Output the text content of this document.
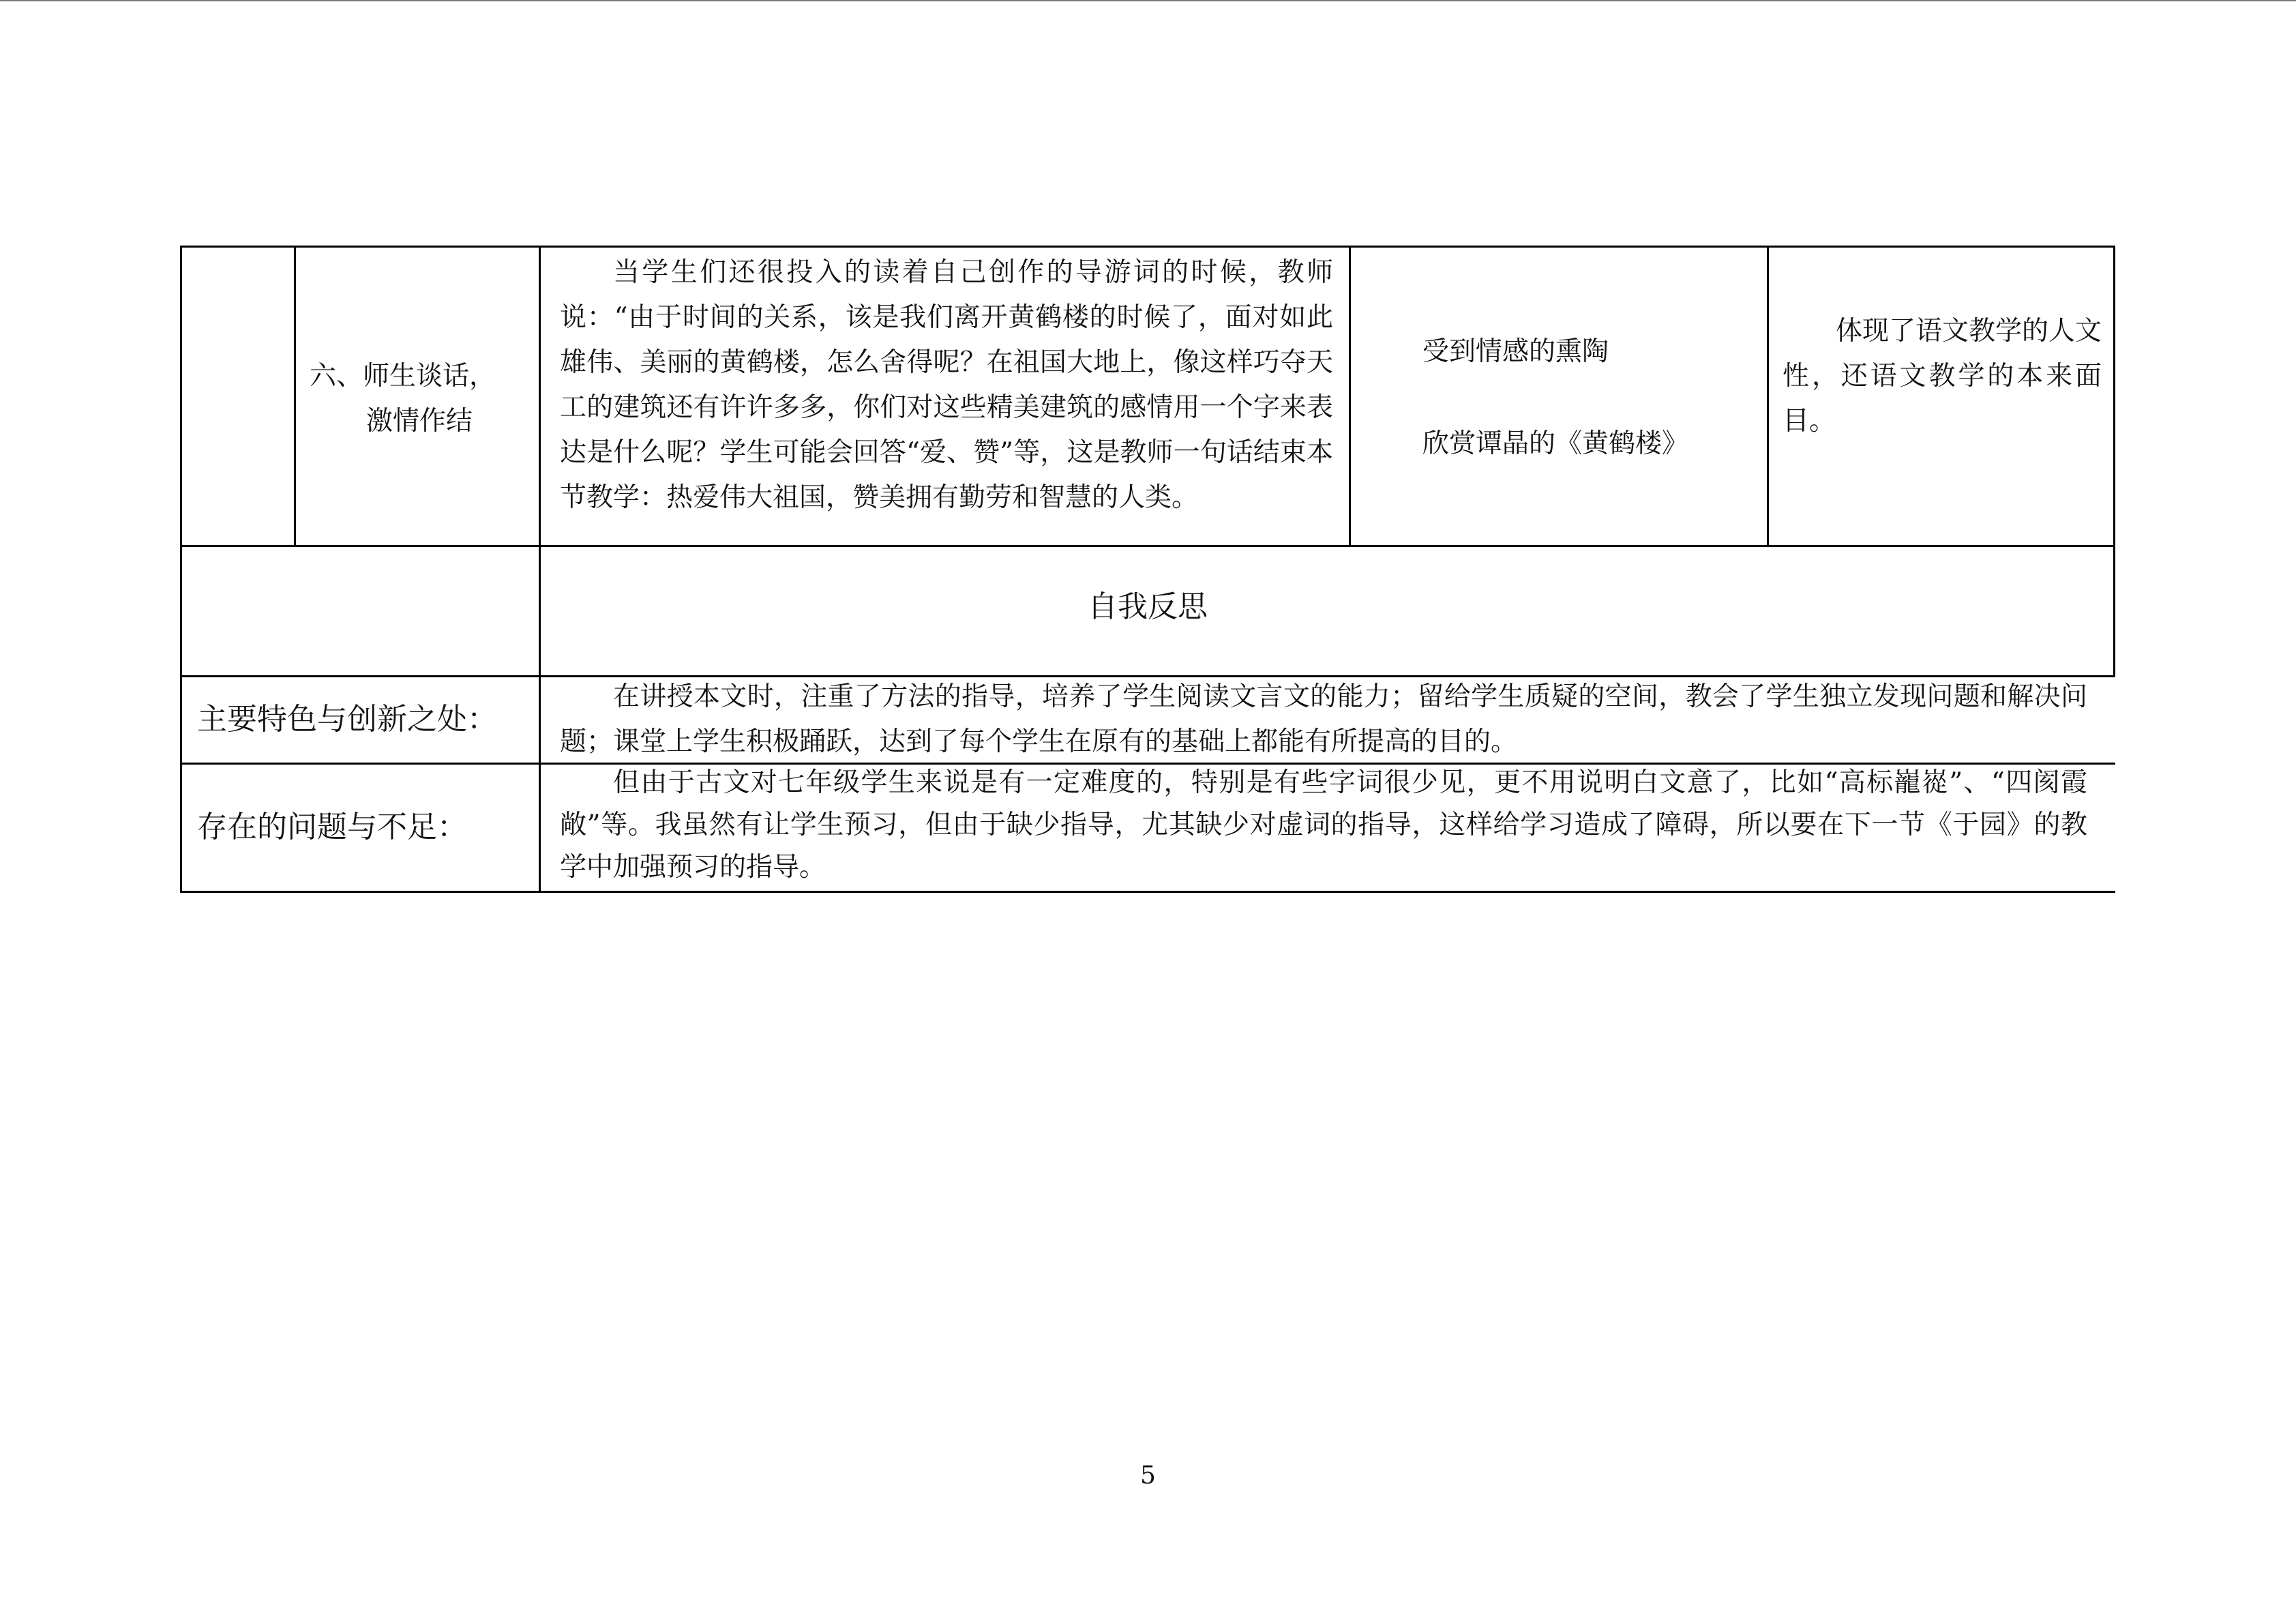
六、师生谈话，
激情作结

当学生们还很投入的读着自己创作的导游词的时候，教师说：“由于时间的关系，该是我们离开黄鹤楼的时候了，面对如此雄伟、美丽的黄鹤楼，怎么舍得呢？在祖国大地上，像这样巧夺天工的建筑还有许许多多，你们对这些精美建筑的感情用一个字来表达是什么呢？学生可能会回答“爱、赞”等，这是教师一句话结束本节教学：热爱伟大祖国，赞美拥有勤劳和智慧的人类。

受到情感的熏陶
欣赏谭晶的《黄鹤楼》

体现了语文教学的人文性，还语文教学的本来面目。

自我反思
主要特色与创新之处：

在讲授本文时，注重了方法的指导，培养了学生阅读文言文的能力；留给学生质疑的空间，教会了学生独立发现问题和解决问题；课堂上学生积极踊跃，达到了每个学生在原有的基础上都能有所提高的目的。

存在的问题与不足：

但由于古文对七年级学生来说是有一定难度的，特别是有些字词很少见，更不用说明白文意了，比如“高标巃嵸”、“四阂霞敞”等。我虽然有让学生预习，但由于缺少指导，尤其缺少对虚词的指导，这样给学习造成了障碍，所以要在下一节《于园》的教学中加强预习的指导。

5
